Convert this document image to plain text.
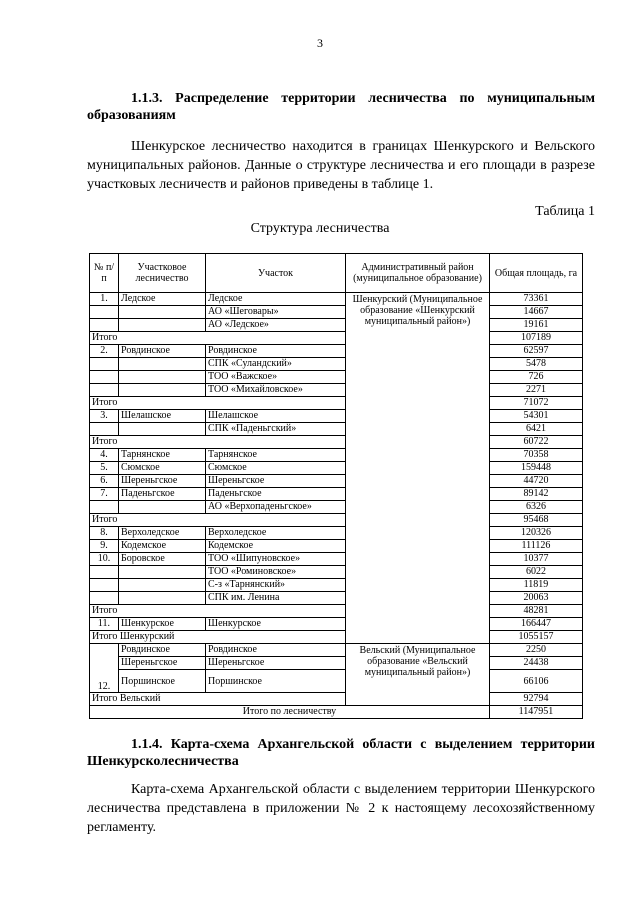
3
1.1.3. Распределение территории лесничества по муниципальным образованиям
Шенкурское лесничество находится в границах Шенкурского и Вельского муниципальных районов. Данные о структуре лесничества и его площади в разрезе участковых лесничеств и районов приведены в таблице 1.
Таблица 1
Структура лесничества
№ п/п	Участковое лесничество	Участок	Административный район (муниципальное образование)	Общая площадь, га
1.	Ледское	Ледское	Шенкурский (Муниципальное образование «Шенкурский муниципальный район»)	73361
		АО «Шеговары»		14667
		АО «Ледское»		19161
Итого				107189
2.	Ровдинское	Ровдинское		62597
		СПК «Суландский»		5478
		ТОО «Важское»		726
		ТОО «Михайловское»		2271
Итого				71072
3.	Шелашское	Шелашское		54301
		СПК «Паденьгский»		6421
Итого				60722
4.	Тарнянское	Тарнянское		70358
5.	Сюмское	Сюмское		159448
6.	Шереньгское	Шереньгское		44720
7.	Паденьгское	Паденьгское		89142
		АО «Верхопаденьгское»		6326
Итого				95468
8.	Верхоледское	Верхоледское		120326
9.	Кодемское	Кодемское		111126
10.	Боровское	ТОО «Шипуновское»		10377
		ТОО «Роминовское»		6022
		С-з «Тарнянский»		11819
		СПК им. Ленина		20063
Итого				48281
11.	Шенкурское	Шенкурское		166447
Итого Шенкурский				1055157
12.	Ровдинское	Ровдинское	Вельский (Муниципальное образование «Вельский муниципальный район»)	2250
	Шереньгское	Шереньгское		24438
	Поршинское	Поршинское		66106
Итого Вельский				92794
Итого по лесничеству				1147951
1.1.4. Карта-схема Архангельской области с выделением территории Шенкурсколесничества
Карта-схема Архангельской области с выделением территории Шенкурского лесничества представлена в приложении № 2 к настоящему лесохозяйственному регламенту.
